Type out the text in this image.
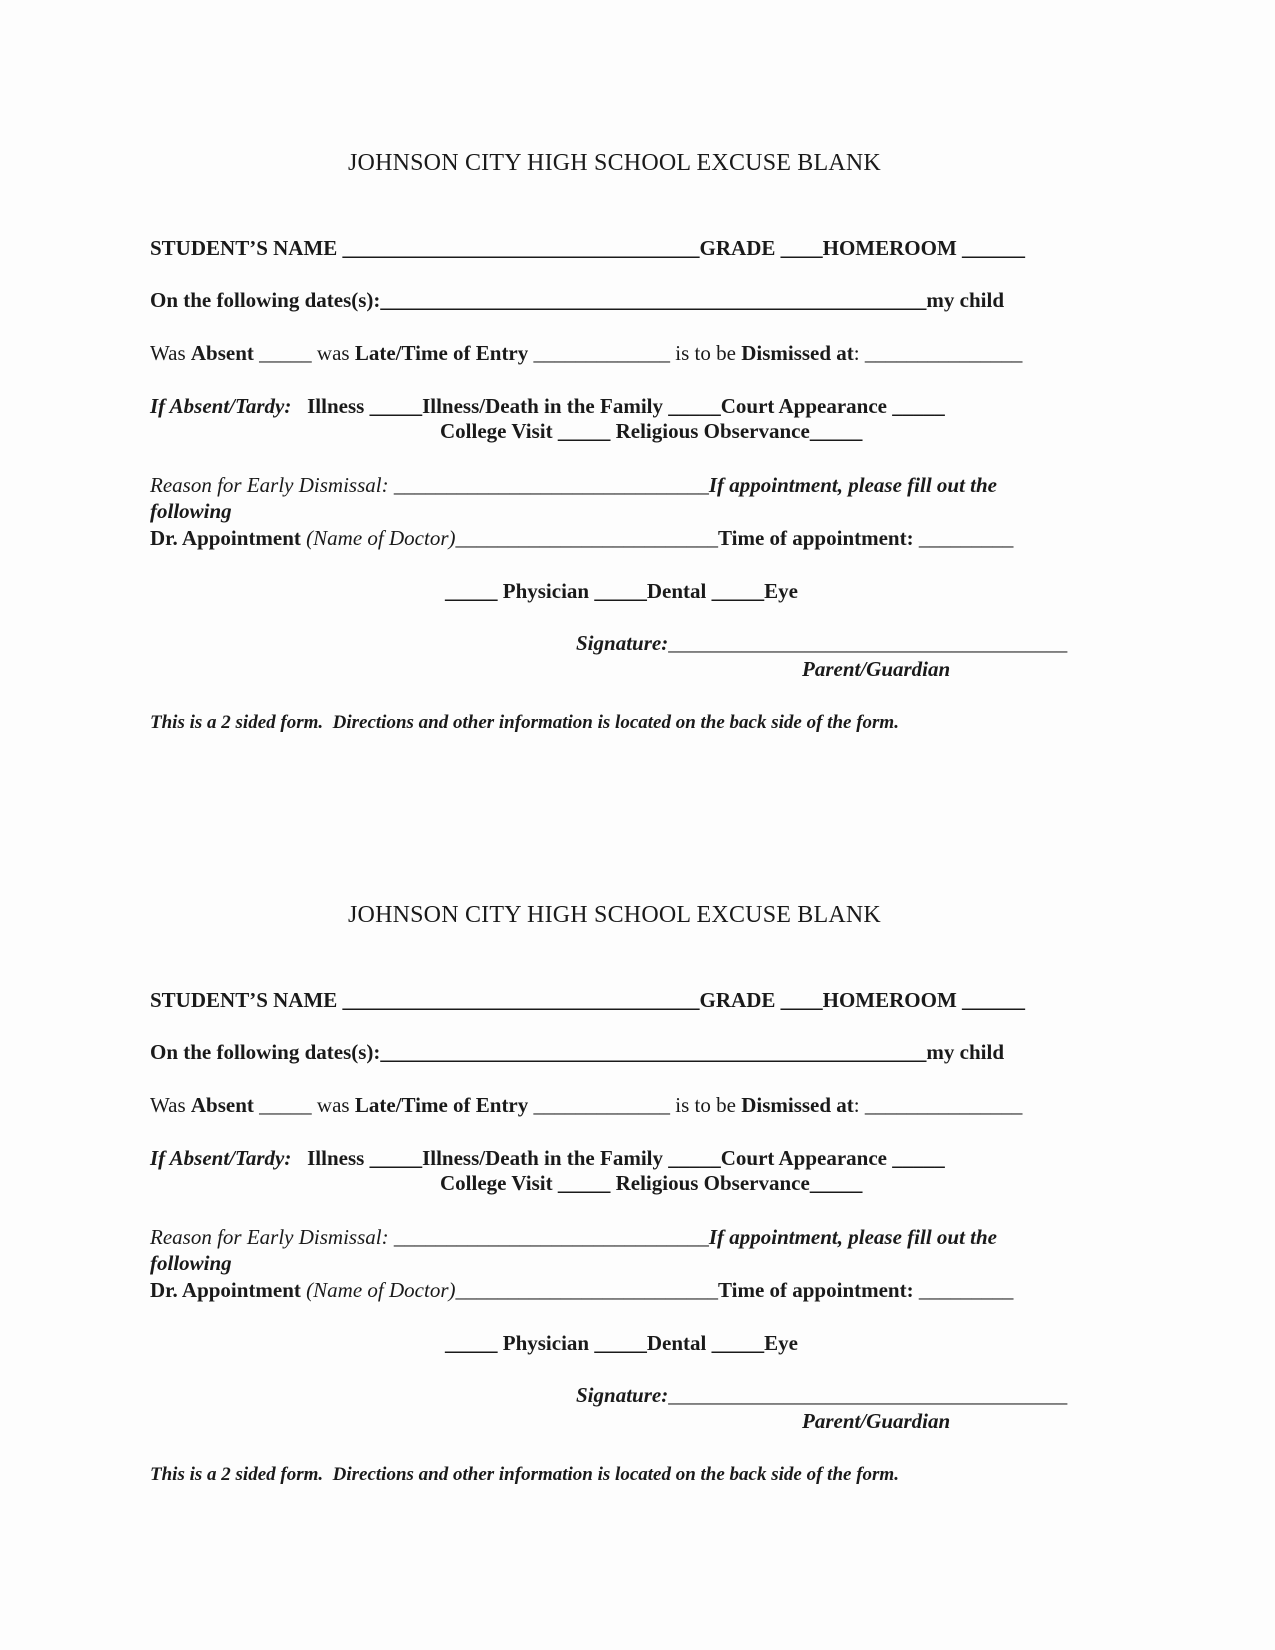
JOHNSON CITY HIGH SCHOOL EXCUSE BLANK
STUDENT’S NAME __________________________________GRADE ____HOMEROOM ______
On the following dates(s):____________________________________________________my child
Was Absent _____ was Late/Time of Entry _____________ is to be Dismissed at: _______________
If Absent/Tardy:   Illness _____Illness/Death in the Family _____Court Appearance _____
College Visit _____ Religious Observance_____
Reason for Early Dismissal: ______________________________If appointment, please fill out the
following
Dr. Appointment (Name of Doctor)_________________________Time of appointment: _________
_____ Physician _____Dental _____Eye
Signature:______________________________________
Parent/Guardian
This is a 2 sided form.  Directions and other information is located on the back side of the form.
JOHNSON CITY HIGH SCHOOL EXCUSE BLANK
STUDENT’S NAME __________________________________GRADE ____HOMEROOM ______
On the following dates(s):____________________________________________________my child
Was Absent _____ was Late/Time of Entry _____________ is to be Dismissed at: _______________
If Absent/Tardy:   Illness _____Illness/Death in the Family _____Court Appearance _____
College Visit _____ Religious Observance_____
Reason for Early Dismissal: ______________________________If appointment, please fill out the
following
Dr. Appointment (Name of Doctor)_________________________Time of appointment: _________
_____ Physician _____Dental _____Eye
Signature:______________________________________
Parent/Guardian
This is a 2 sided form.  Directions and other information is located on the back side of the form.
